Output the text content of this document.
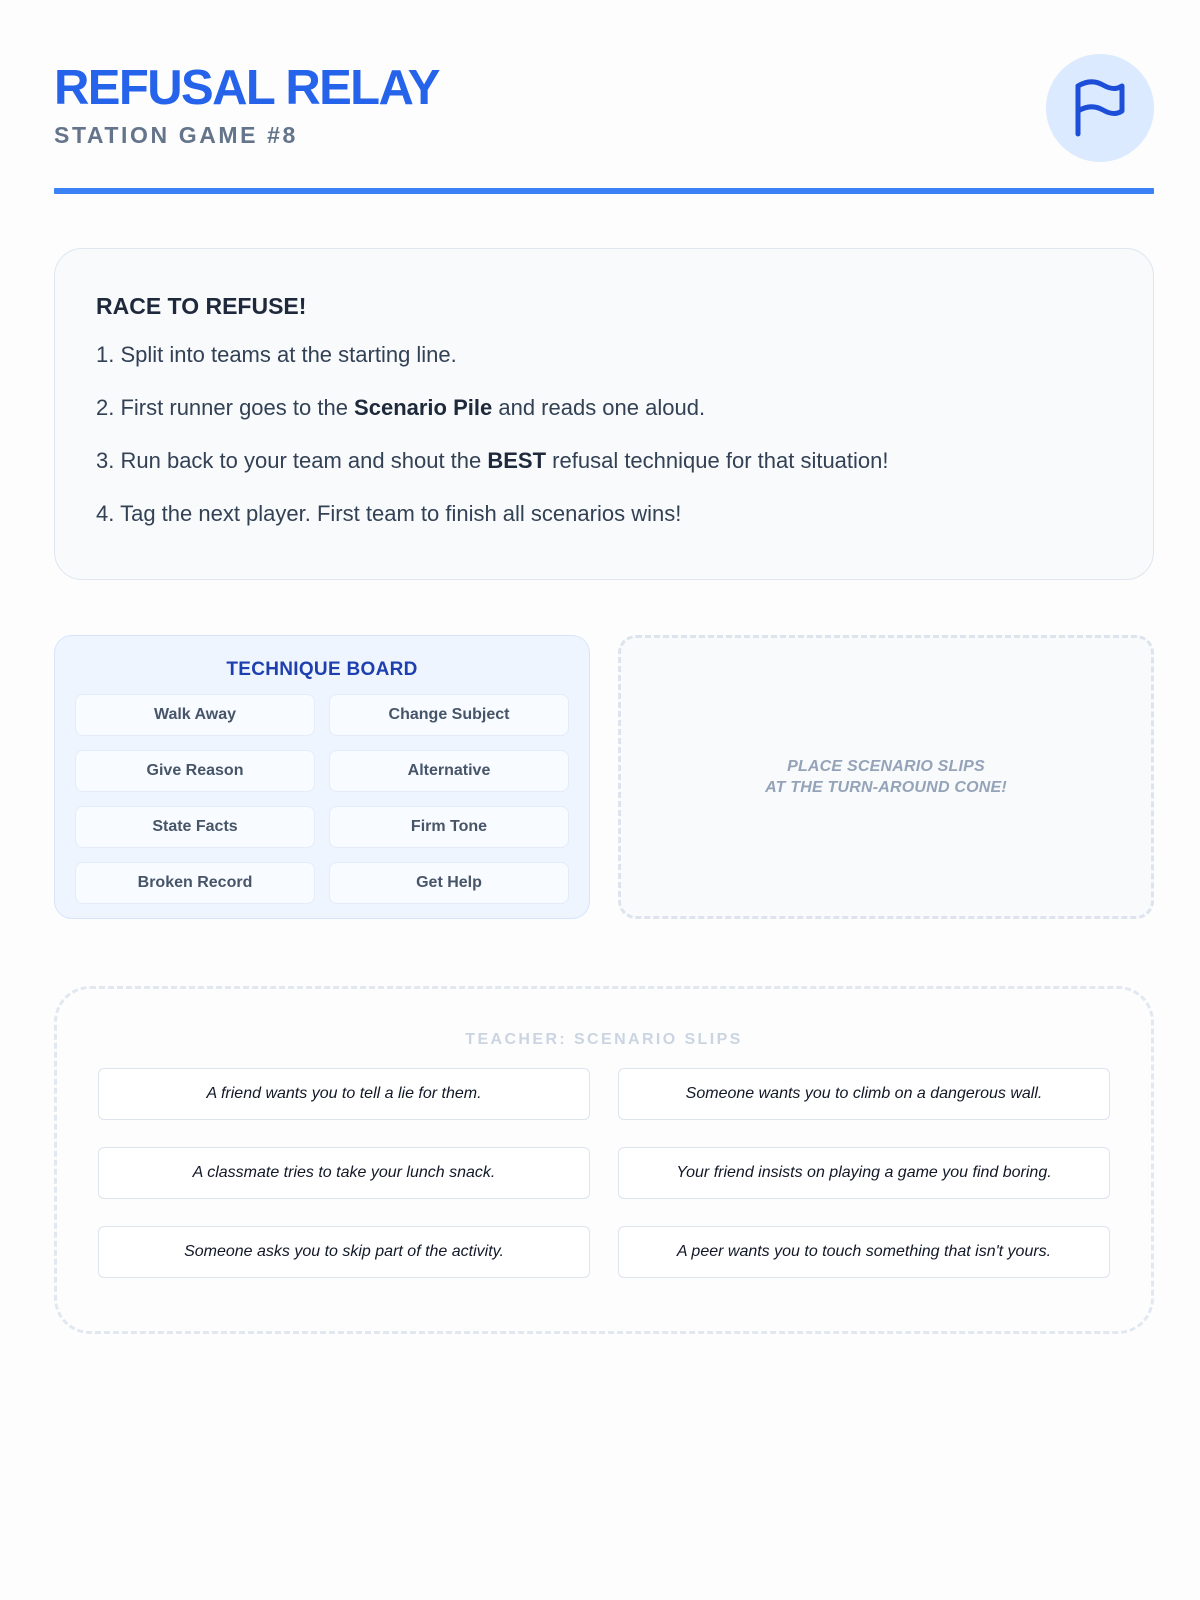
REFUSAL RELAY
STATION GAME #8
RACE TO REFUSE!
1. Split into teams at the starting line.
2. First runner goes to the Scenario Pile and reads one aloud.
3. Run back to your team and shout the BEST refusal technique for that situation!
4. Tag the next player. First team to finish all scenarios wins!
TECHNIQUE BOARD
Walk Away	Change Subject
Give Reason	Alternative
State Facts	Firm Tone
Broken Record	Get Help
PLACE SCENARIO SLIPS
AT THE TURN-AROUND CONE!
TEACHER: SCENARIO SLIPS
A friend wants you to tell a lie for them.	Someone wants you to climb on a dangerous wall.
A classmate tries to take your lunch snack.	Your friend insists on playing a game you find boring.
Someone asks you to skip part of the activity.	A peer wants you to touch something that isn't yours.
